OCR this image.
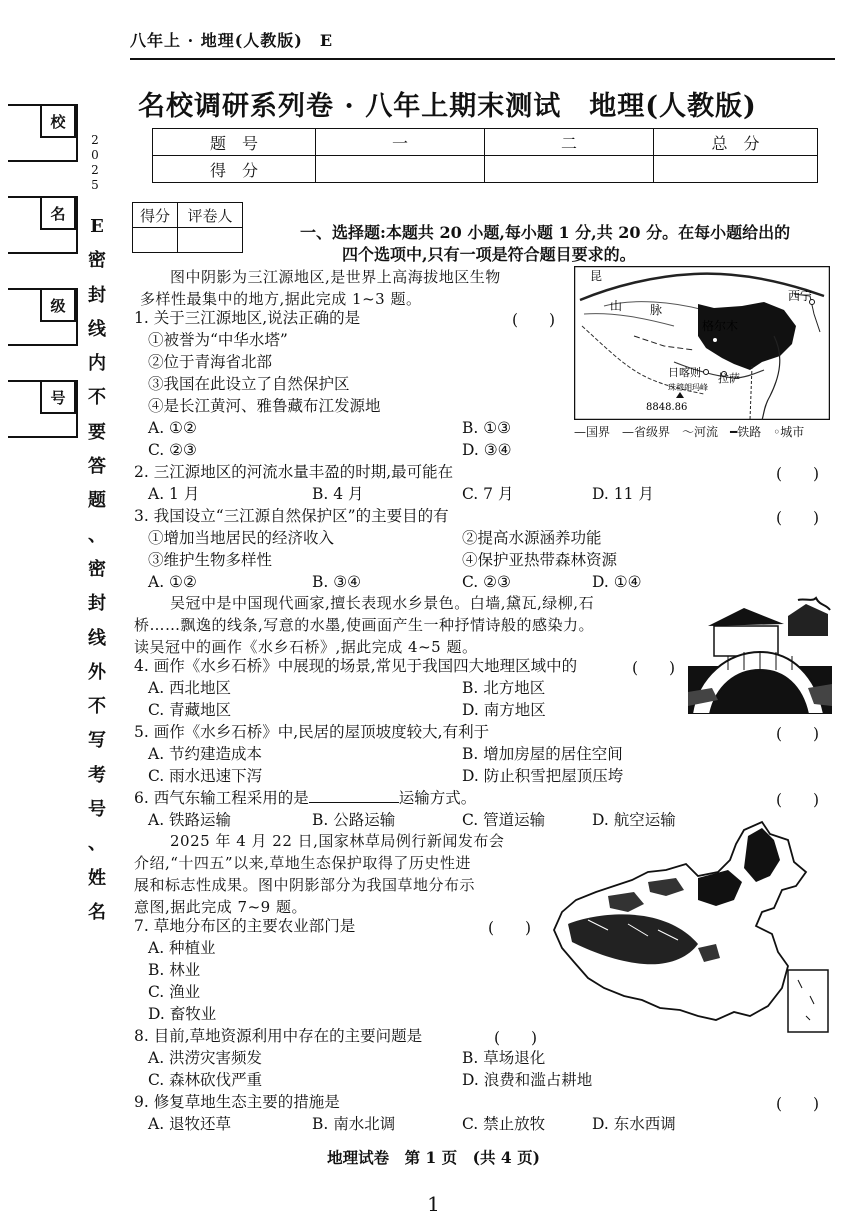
八年上 · 地理(人教版)　E
校
名
级
号
2
0
2
5
E
密
封
线
内
不
要
答
题
、
密
封
线
外
不
写
考
号
、
姓
名
名校调研系列卷 · 八年上期末测试　地理(人教版)
题　号	一	二	总　分
得　分			
得分	评卷人

一、选择题:本题共 20 小题,每小题 1 分,共 20 分。在每小题给出的
四个选项中,只有一项是符合题目要求的。
图中阴影为三江源地区,是世界上高海拔地区生物
多样性最集中的地方,据此完成 1~3 题。
1. 关于三江源地区,说法正确的是	(　　)
①被誉为“中华水塔”
②位于青海省北部
③我国在此设立了自然保护区
④是长江黄河、雅鲁藏布江发源地
A. ①②	B. ①③
C. ②③	D. ③④
昆
山 脉
格尔木
西宁
日喀则 拉萨
珠穆朗玛峰
8848.86
—国界　—省级界　〜河流　━铁路　◦城市
2. 三江源地区的河流水量丰盈的时期,最可能在	(　　)
A. 1 月	B. 4 月	C. 7 月	D. 11 月
3. 我国设立“三江源自然保护区”的主要目的有	(　　)
①增加当地居民的经济收入	②提高水源涵养功能
③维护生物多样性	④保护亚热带森林资源
A. ①②	B. ③④	C. ②③	D. ①④
吴冠中是中国现代画家,擅长表现水乡景色。白墙,黛瓦,绿柳,石
桥……飘逸的线条,写意的水墨,使画面产生一种抒情诗般的感染力。
读吴冠中的画作《水乡石桥》,据此完成 4~5 题。
4. 画作《水乡石桥》中展现的场景,常见于我国四大地理区域中的	(　　)
A. 西北地区	B. 北方地区
C. 青藏地区	D. 南方地区
5. 画作《水乡石桥》中,民居的屋顶坡度较大,有利于	(　　)
A. 节约建造成本	B. 增加房屋的居住空间
C. 雨水迅速下泻	D. 防止积雪把屋顶压垮
6. 西气东输工程采用的是	运输方式。	(　　)
A. 铁路运输	B. 公路运输	C. 管道运输	D. 航空运输
2025 年 4 月 22 日,国家林草局例行新闻发布会
介绍,“十四五”以来,草地生态保护取得了历史性进
展和标志性成果。图中阴影部分为我国草地分布示
意图,据此完成 7~9 题。
7. 草地分布区的主要农业部门是	(　　)
A. 种植业
B. 林业
C. 渔业
D. 畜牧业
8. 目前,草地资源利用中存在的主要问题是	(　　)
A. 洪涝灾害频发	B. 草场退化
C. 森林砍伐严重	D. 浪费和滥占耕地
9. 修复草地生态主要的措施是	(　　)
A. 退牧还草	B. 南水北调	C. 禁止放牧	D. 东水西调
地理试卷　第 1 页　(共 4 页)
1
